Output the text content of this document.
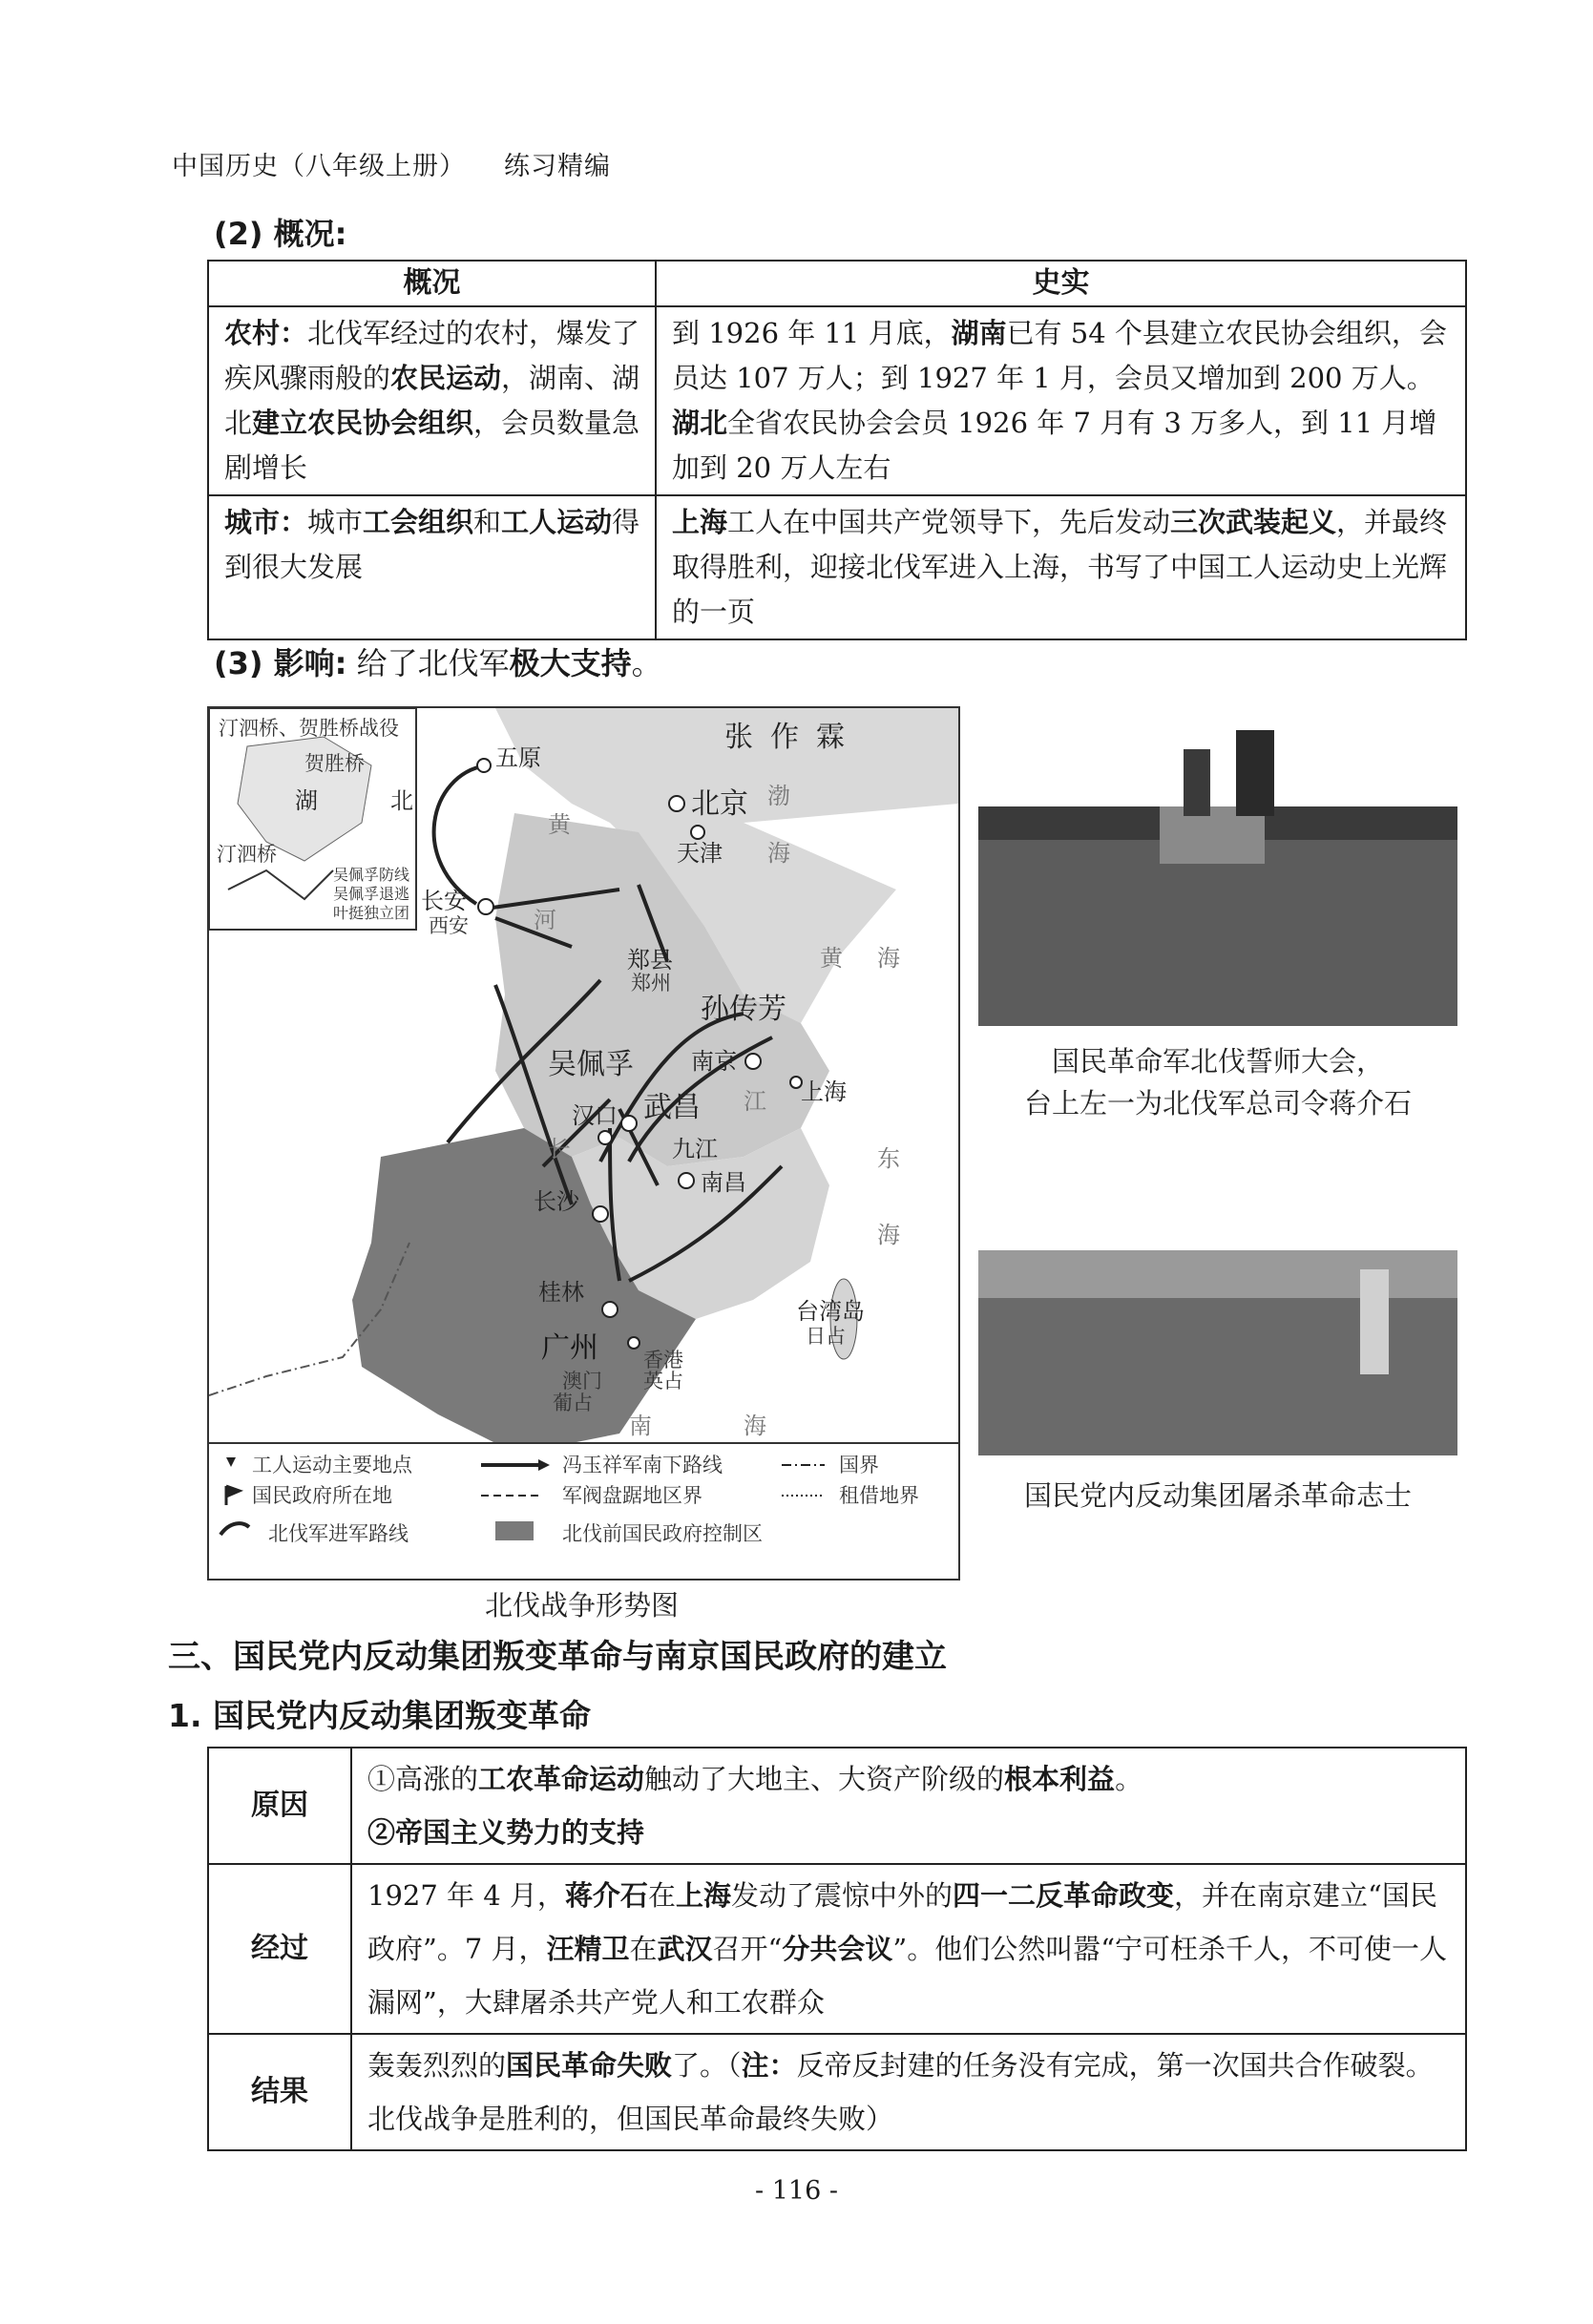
中国历史（八年级上册） 练习精编
(2) 概况:
概况	史实
农村：北伐军经过的农村，爆发了疾风骤雨般的农民运动，湖南、湖北建立农民协会组织，会员数量急剧增长	到 1926 年 11 月底，湖南已有 54 个县建立农民协会组织，会员达 107 万人；到 1927 年 1 月，会员又增加到 200 万人。湖北全省农民协会会员 1926 年 7 月有 3 万多人，到 11 月增加到 20 万人左右
城市：城市工会组织和工人运动得到很大发展	上海工人在中国共产党领导下，先后发动三次武装起义，并最终取得胜利，迎接北伐军进入上海，书写了中国工人运动史上光辉的一页
(3) 影响: 给了北伐军极大支持。
汀泗桥、贺胜桥战役
贺胜桥
湖	北
汀泗桥
吴佩孚防线
吴佩孚退逃
叶挺独立团
张作霖
吴佩孚
孙传芳
北京
天津
五原
郑县
郑州
长安
西安
南京
上海
汉口 武昌
九江
长沙
南昌
桂林
广州 香港
英占
澳门
葡占
台湾岛
日占
渤
海
黄 海
东
海
南	海
黄
河
长
江
工人运动主要地点	冯玉祥军南下路线	国界
国民政府所在地	军阀盘踞地区界	租借地界
北伐军进军路线	北伐前国民政府控制区
北伐战争形势图
国民革命军北伐誓师大会，
台上左一为北伐军总司令蒋介石
国民党内反动集团屠杀革命志士
三、国民党内反动集团叛变革命与南京国民政府的建立
1. 国民党内反动集团叛变革命
原因	①高涨的工农革命运动触动了大地主、大资产阶级的根本利益。
②帝国主义势力的支持

经过	1927 年 4 月，蒋介石在上海发动了震惊中外的四一二反革命政变，并在南京建立“国民政府”。7 月，汪精卫在武汉召开“分共会议”。他们公然叫嚣“宁可枉杀千人，不可使一人漏网”，大肆屠杀共产党人和工农群众
结果	轰轰烈烈的国民革命失败了。（注：反帝反封建的任务没有完成，第一次国共合作破裂。北伐战争是胜利的，但国民革命最终失败）
- 116 -
